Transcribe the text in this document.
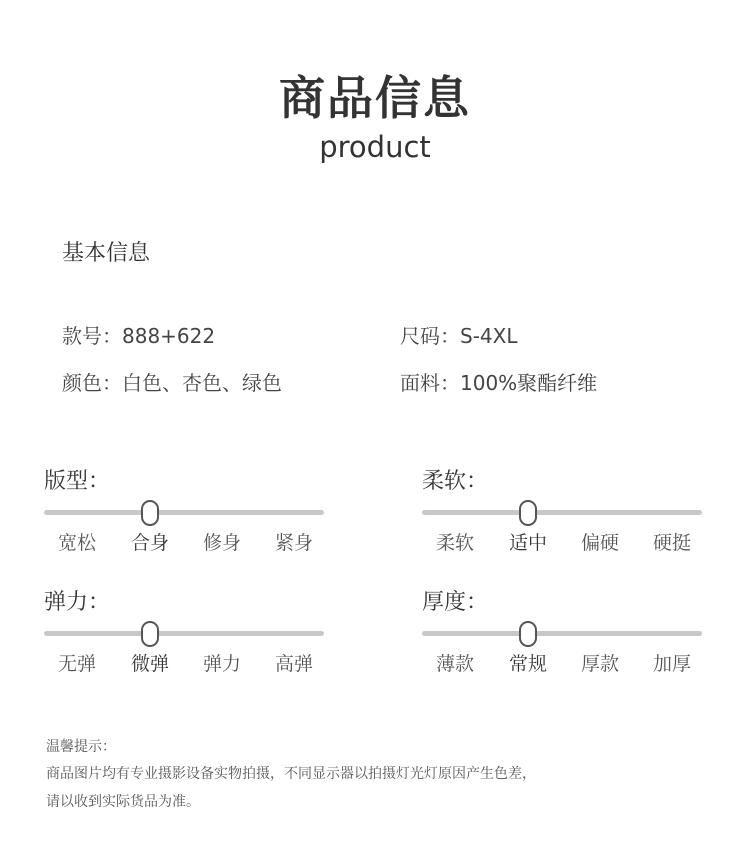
商品信息
product
基本信息
款号：888+622	尺码：S-4XL
颜色：白色、杏色、绿色	面料：100%聚酯纤维
版型：
宽松	合身	修身	紧身
柔软：
柔软	适中	偏硬	硬挺
弹力：
无弹	微弹	弹力	高弹
厚度：
薄款	常规	厚款	加厚
温馨提示：
商品图片均有专业摄影设备实物拍摄，不同显示器以拍摄灯光灯原因产生色差，
请以收到实际货品为准。
